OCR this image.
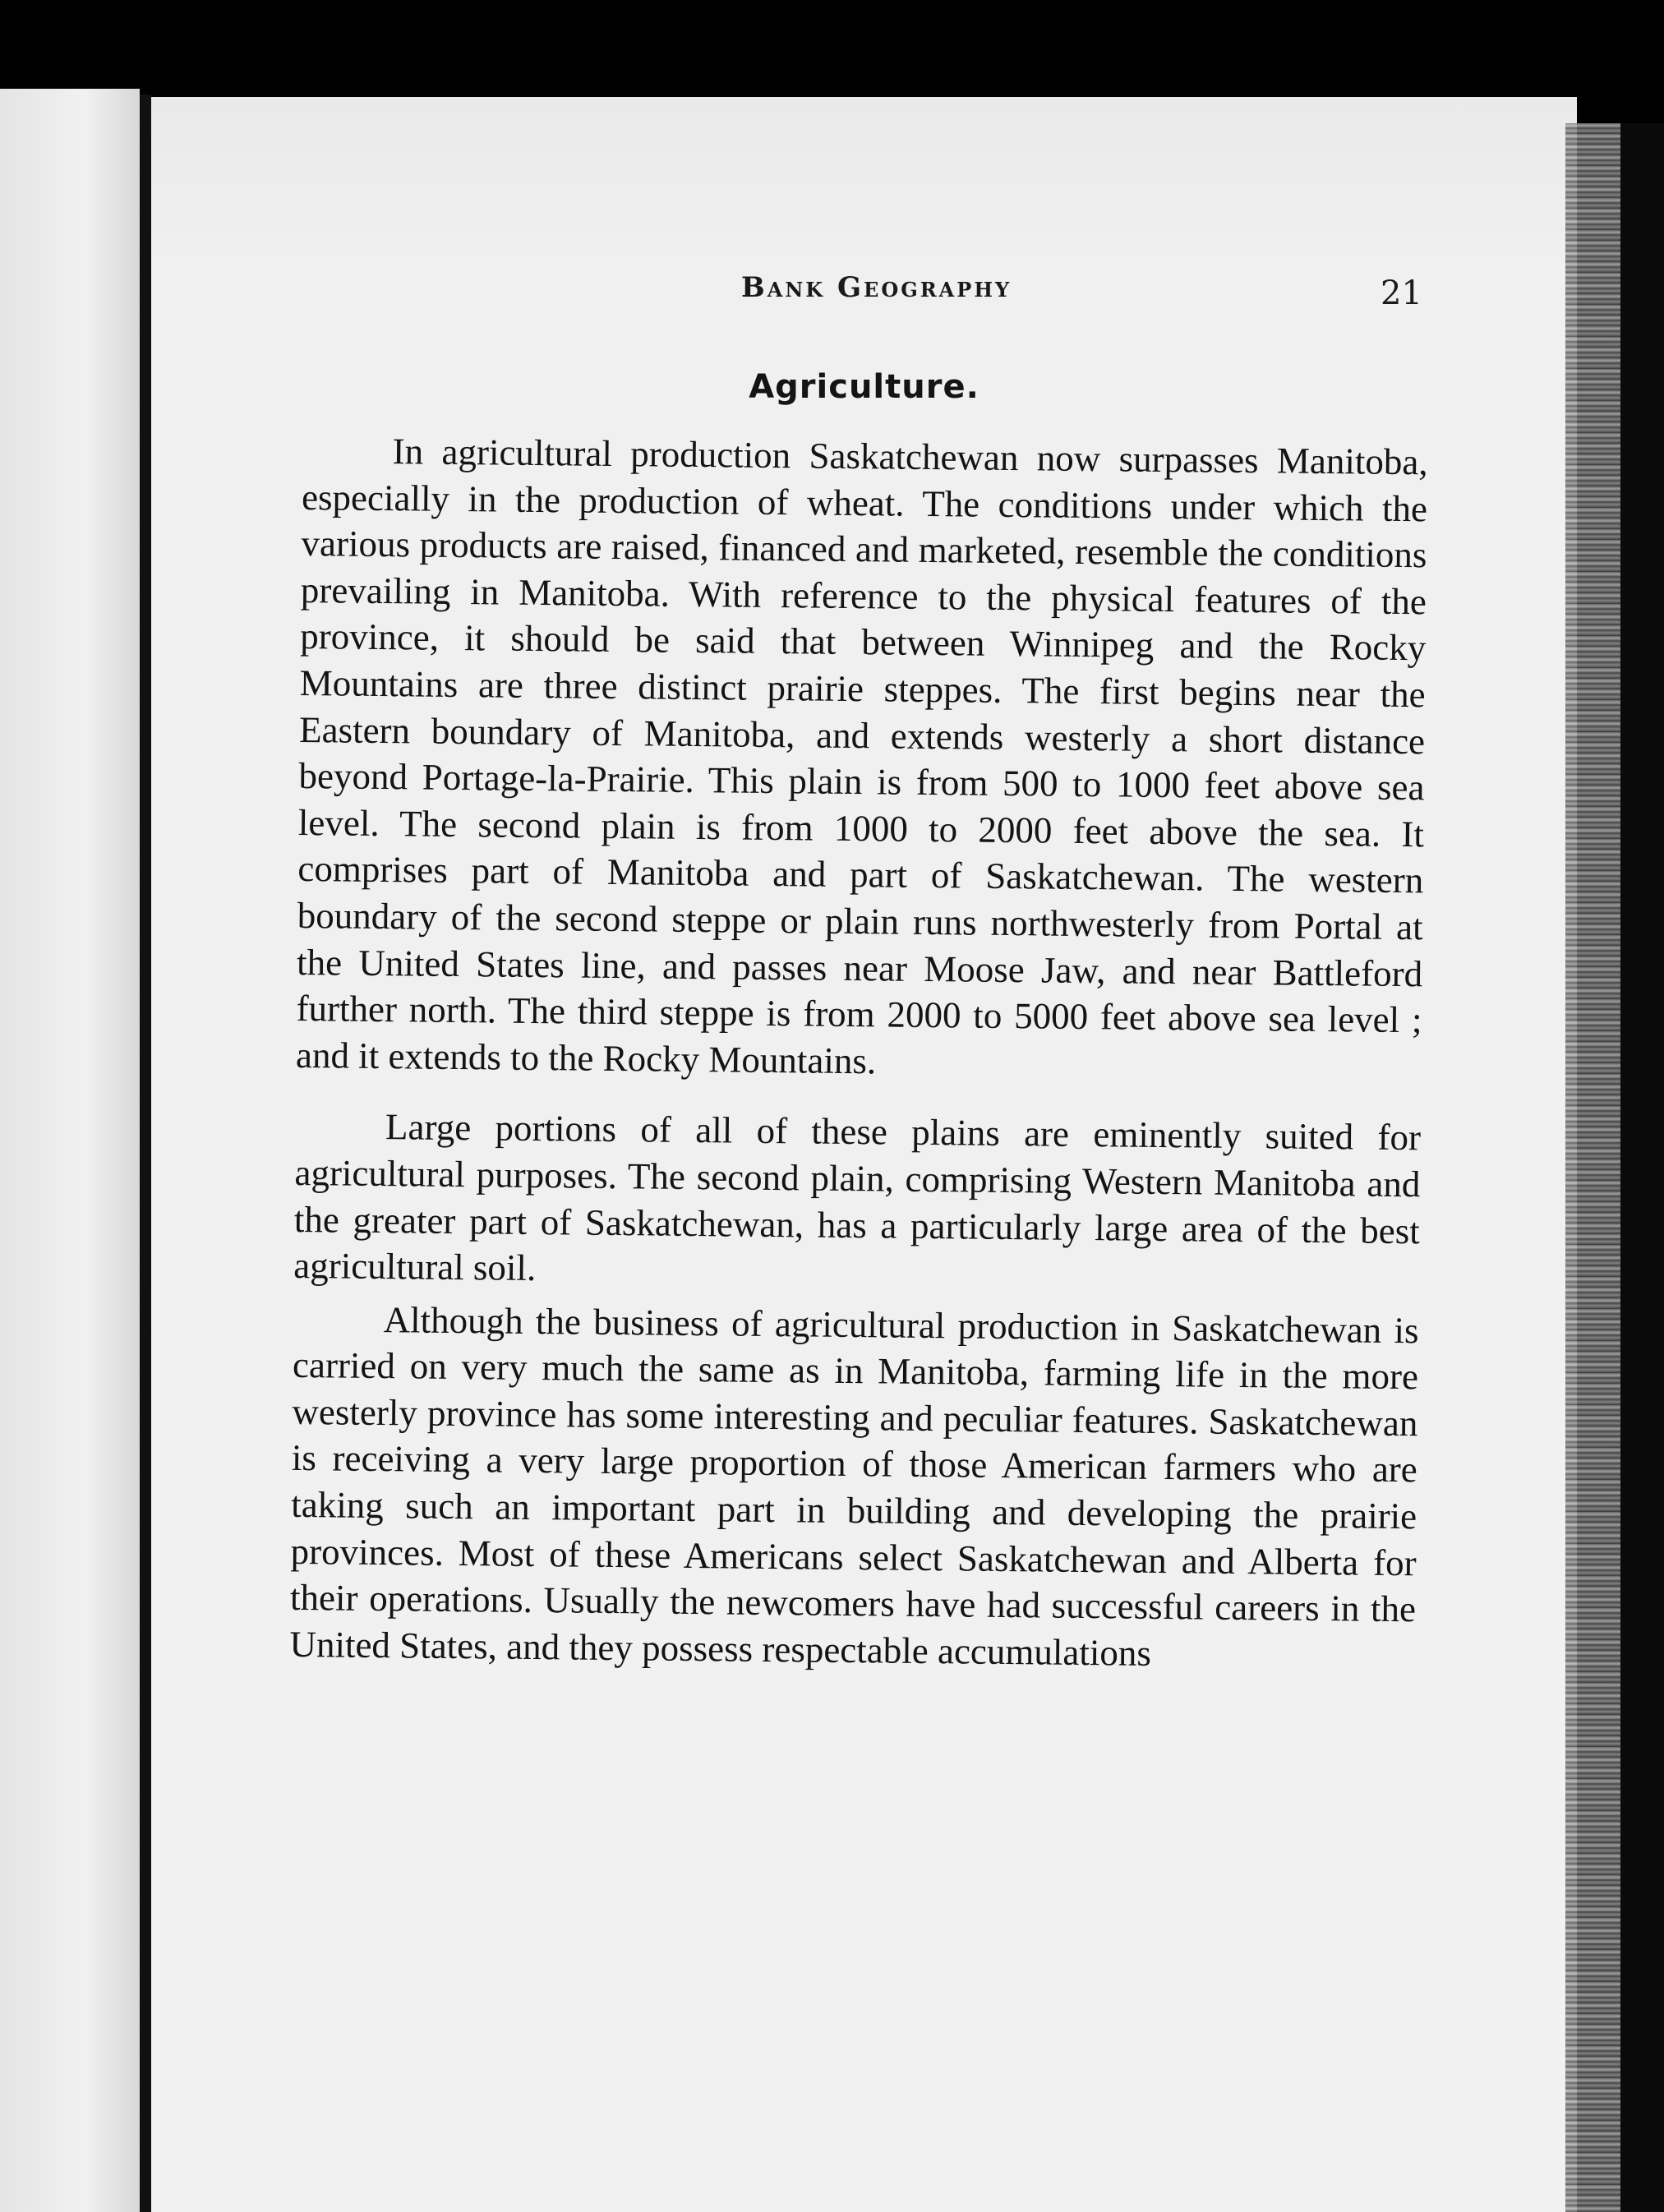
Bank Geography	21
Agriculture.

In agricultural production Saskatchewan now surpasses Manitoba, especially in the production of wheat. The conditions under which the various products are raised, financed and marketed, resemble the conditions prevailing in Manitoba. With reference to the physical features of the province, it should be said that between Winnipeg and the Rocky Mountains are three distinct prairie steppes. The first begins near the Eastern boundary of Manitoba, and extends westerly a short distance beyond Portage-la-Prairie. This plain is from 500 to 1000 feet above sea level. The second plain is from 1000 to 2000 feet above the sea. It comprises part of Manitoba and part of Saskatchewan. The western boundary of the second steppe or plain runs northwesterly from Portal at the United States line, and passes near Moose Jaw, and near Battleford further north. The third steppe is from 2000 to 5000 feet above sea level ; and it extends to the Rocky Mountains.

Large portions of all of these plains are eminently suited for agricultural purposes. The second plain, comprising Western Manitoba and the greater part of Saskatchewan, has a particularly large area of the best agricultural soil.

Although the business of agricultural production in Saskatchewan is carried on very much the same as in Manitoba, farming life in the more westerly province has some interesting and peculiar features. Saskatchewan is receiving a very large proportion of those American farmers who are taking such an important part in building and developing the prairie provinces. Most of these Americans select Saskatchewan and Alberta for their operations. Usually the newcomers have had successful careers in the United States, and they possess respectable accumulations
